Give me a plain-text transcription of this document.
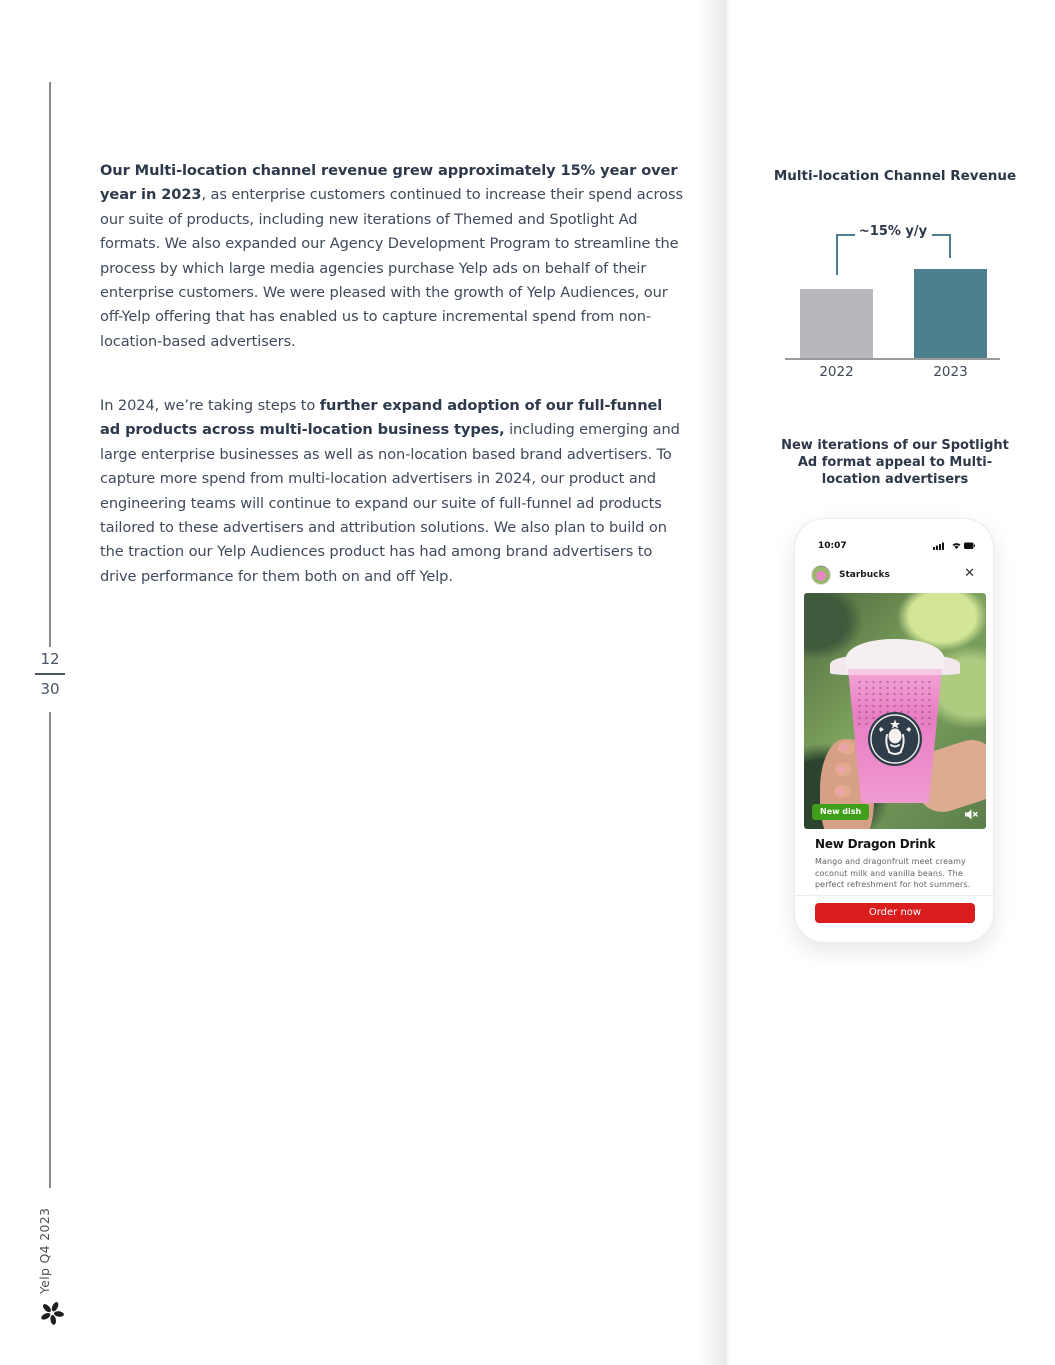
12
30
Yelp Q4 2023

Our Multi-location channel revenue grew approximately 15% year over year in 2023, as enterprise customers continued to increase their spend across our suite of products, including new iterations of Themed and Spotlight Ad formats. We also expanded our Agency Development Program to streamline the process by which large media agencies purchase Yelp ads on behalf of their enterprise customers. We were pleased with the growth of Yelp Audiences, our off-Yelp offering that has enabled us to capture incremental spend from non-location-based advertisers.

In 2024, we’re taking steps to further expand adoption of our full-funnel ad products across multi-location business types, including emerging and large enterprise businesses as well as non-location based brand advertisers. To capture more spend from multi-location advertisers in 2024, our product and engineering teams will continue to expand our suite of full-funnel ad products tailored to these advertisers and attribution solutions. We also plan to build on the traction our Yelp Audiences product has had among brand advertisers to drive performance for them both on and off Yelp.

Multi-location Channel Revenue
~15% y/y
2022	2023
New iterations of our Spotlight Ad format appeal to Multi-location advertisers
10:07
Starbucks	✕
New dish
New Dragon Drink
Mango and dragonfruit meet creamy coconut milk and vanilla beans. The perfect refreshment for hot summers.
Order now
